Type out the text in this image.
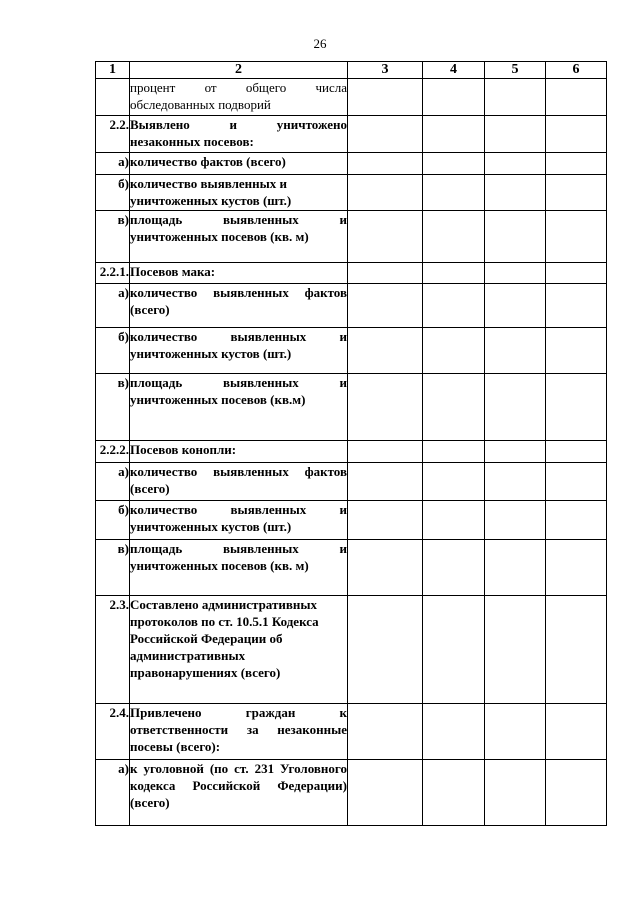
26
1	2	3	4	5	6
	процент от общего числа обследованных подворий				
2.2.	Выявлено и уничтожено незаконных посевов:				
а)	количество фактов (всего)				
б)	количество выявленных и уничтоженных кустов (шт.)				
в)	площадь выявленных и уничтоженных посевов (кв. м)				
2.2.1.	Посевов мака:				
а)	количество выявленных фактов (всего)				
б)	количество выявленных и уничтоженных кустов (шт.)				
в)	площадь выявленных и уничтоженных посевов (кв.м)				
2.2.2.	Посевов конопли:				
а)	количество выявленных фактов (всего)				
б)	количество выявленных и уничтоженных кустов (шт.)				
в)	площадь выявленных и уничтоженных посевов (кв. м)				
2.3.	Составлено административных протоколов по ст. 10.5.1 Кодекса Российской Федерации об административных правонарушениях (всего)				
2.4.	Привлечено граждан к ответственности за незаконные посевы (всего):				
а)	к уголовной (по ст. 231 Уголовного кодекса Российской Федерации) (всего)				
